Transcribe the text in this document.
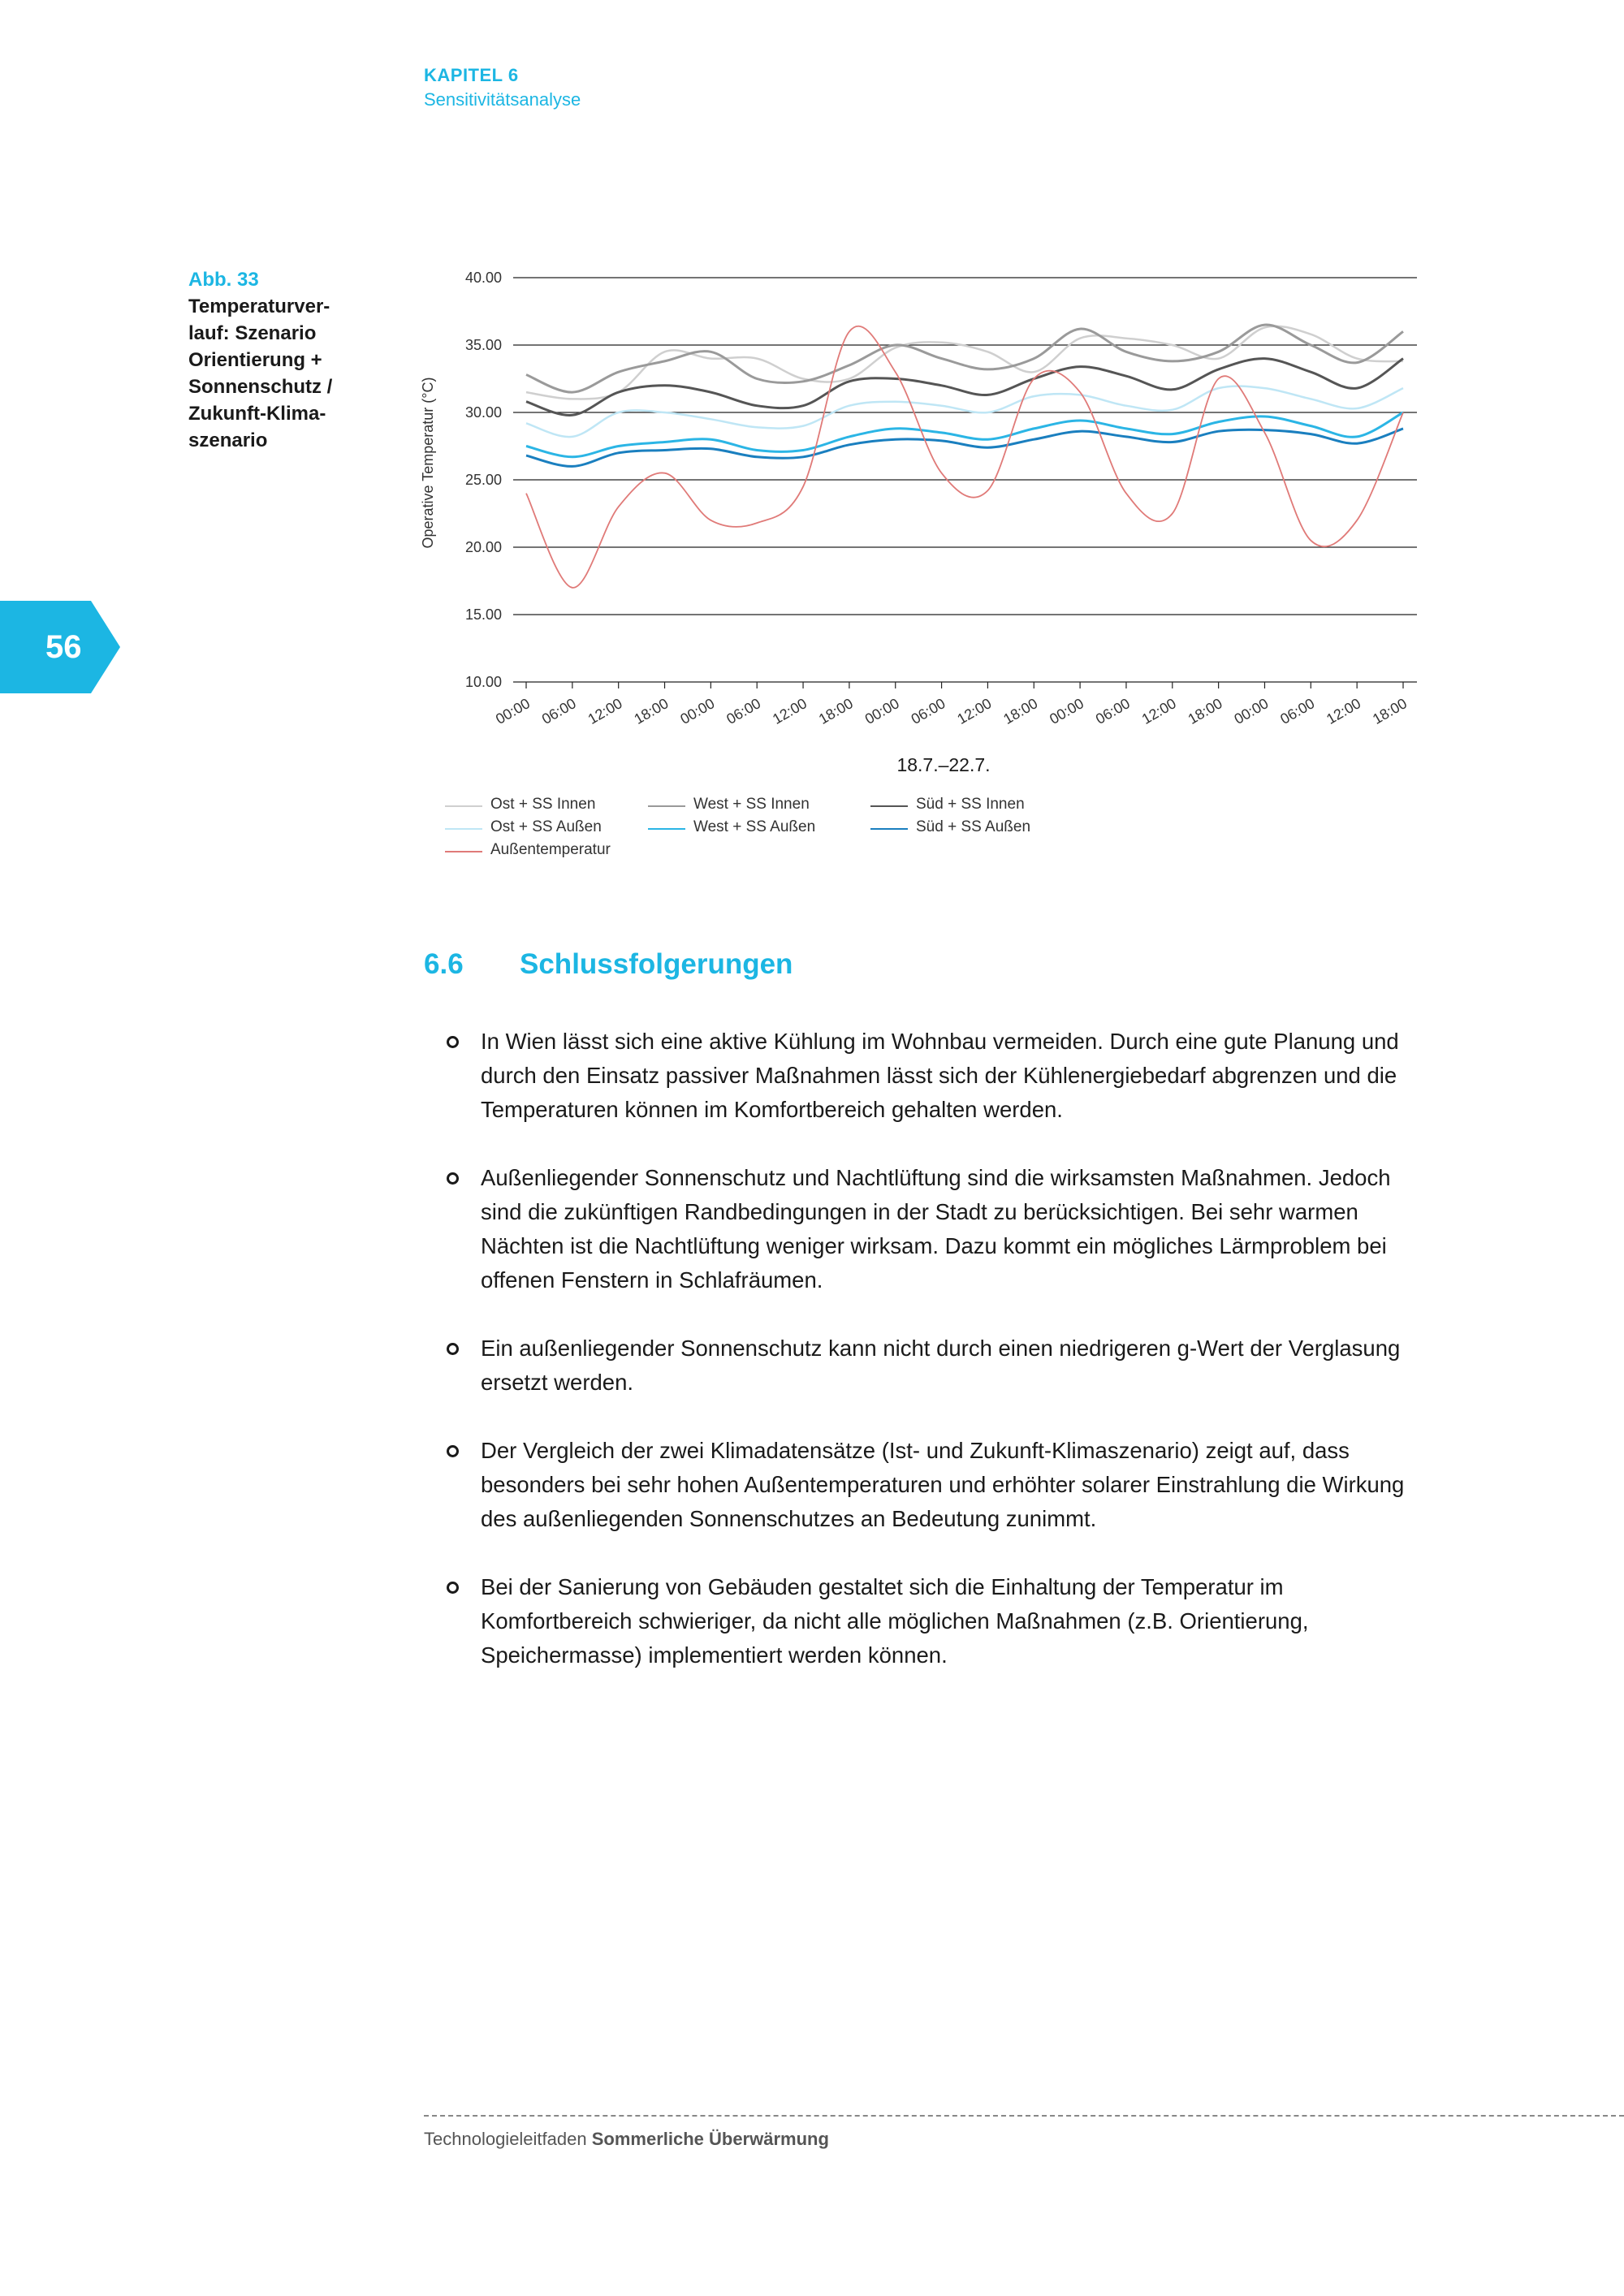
KAPITEL 6
Sensitivitätsanalyse
56
Abb. 33
Temperaturver-
lauf: Szenario
Orientierung +
Sonnenschutz /
Zukunft-Klima-
szenario
40.00
35.00
30.00
25.00
20.00
15.00
10.00
00:00 06:00 12:00 18:00 00:00 06:00 12:00 18:00 00:00 06:00 12:00 18:00 00:00 06:00 12:00 18:00 00:00 06:00 12:00 18:00
Operative Temperatur (°C)
18.7.–22.7.
Ost + SS Innen
Ost + SS Außen
Außentemperatur
West + SS Innen
West + SS Außen
Süd + SS Innen
Süd + SS Außen
6.6 Schlussfolgerungen
In Wien lässt sich eine aktive Kühlung im Wohnbau vermeiden. Durch eine gute Planung und durch den Einsatz passiver Maßnahmen lässt sich der Kühlenergiebedarf abgrenzen und die Temperaturen können im Komfortbereich gehalten werden.
Außenliegender Sonnenschutz und Nachtlüftung sind die wirksamsten Maßnahmen. Jedoch sind die zukünftigen Randbedingungen in der Stadt zu berücksichtigen. Bei sehr warmen Nächten ist die Nachtlüftung weniger wirksam. Dazu kommt ein mögliches Lärmproblem bei offenen Fenstern in Schlafräumen.
Ein außenliegender Sonnenschutz kann nicht durch einen niedrigeren g-Wert der Verglasung ersetzt werden.
Der Vergleich der zwei Klimadatensätze (Ist- und Zukunft-Klimaszenario) zeigt auf, dass besonders bei sehr hohen Außentemperaturen und erhöhter solarer Einstrahlung die Wirkung des außenliegenden Sonnenschutzes an Bedeutung zunimmt.
Bei der Sanierung von Gebäuden gestaltet sich die Einhaltung der Temperatur im Komfortbereich schwieriger, da nicht alle möglichen Maßnahmen (z.B. Orientierung, Speichermasse) implementiert werden können.
Technologieleitfaden Sommerliche Überwärmung
